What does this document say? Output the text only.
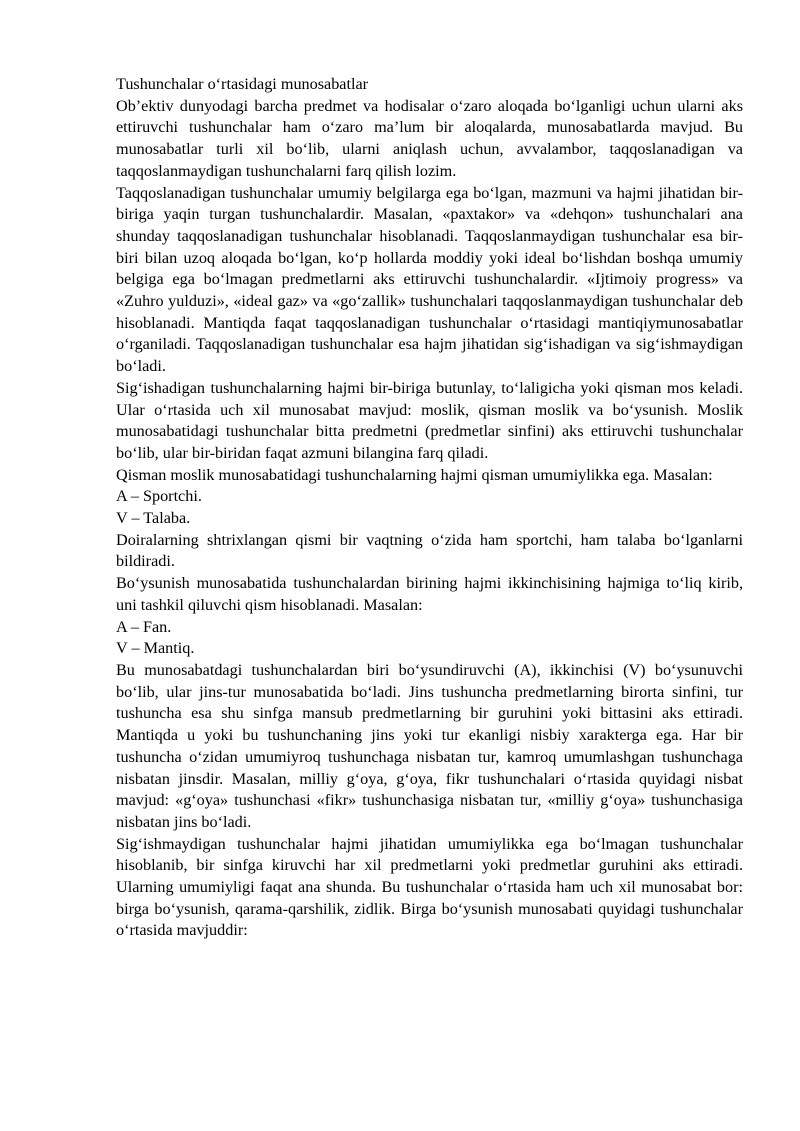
Tushunchalar o‘rtasidagi munosabatlar

Ob’ektiv dunyodagi barcha predmet va hodisalar o‘zaro aloqada bo‘lganligi uchun ularni aks ettiruvchi tushunchalar ham o‘zaro ma’lum bir aloqalarda, munosabatlarda mavjud. Bu munosabatlar turli xil bo‘lib, ularni aniqlash uchun, avvalambor, taqqoslanadigan va taqqoslanmaydigan tushunchalarni farq qilish lozim.

Taqqoslanadigan tushunchalar umumiy belgilarga ega bo‘lgan, mazmuni va hajmi jihatidan bir-biriga yaqin turgan tushunchalardir. Masalan, «paxtakor» va «dehqon» tushunchalari ana shunday taqqoslanadigan tushunchalar hisoblanadi. Taqqoslanmaydigan tushunchalar esa bir-biri bilan uzoq aloqada bo‘lgan, ko‘p hollarda moddiy yoki ideal bo‘lishdan boshqa umumiy belgiga ega bo‘lmagan predmetlarni aks ettiruvchi tushunchalardir. «Ijtimoiy progress» va «Zuhro yulduzi», «ideal gaz» va «go‘zallik» tushunchalari taqqoslanmaydigan tushunchalar deb hisoblanadi. Mantiqda faqat taqqoslanadigan tushunchalar o‘rtasidagi mantiqiymunosabatlar o‘rganiladi. Taqqoslanadigan tushunchalar esa hajm jihatidan sig‘ishadigan va sig‘ishmaydigan bo‘ladi.

Sig‘ishadigan tushunchalarning hajmi bir-biriga butunlay, to‘laligicha yoki qisman mos keladi. Ular o‘rtasida uch xil munosabat mavjud: moslik, qisman moslik va bo‘ysunish. Moslik munosabatidagi tushunchalar bitta predmetni (predmetlar sinfini) aks ettiruvchi tushunchalar bo‘lib, ular bir-biridan faqat azmuni bilangina farq qiladi.

Qisman moslik munosabatidagi tushunchalarning hajmi qisman umumiylikka ega. Masalan:

A – Sportchi.

V – Talaba.

Doiralarning shtrixlangan qismi bir vaqtning o‘zida ham sportchi, ham talaba bo‘lganlarni bildiradi.

Bo‘ysunish munosabatida tushunchalardan birining hajmi ikkinchisining hajmiga to‘liq kirib, uni tashkil qiluvchi qism hisoblanadi. Masalan:

A – Fan.

V – Mantiq.

Bu munosabatdagi tushunchalardan biri bo‘ysundiruvchi (A), ikkinchisi (V) bo‘ysunuvchi bo‘lib, ular jins-tur munosabatida bo‘ladi. Jins tushuncha predmetlarning birorta sinfini, tur tushuncha esa shu sinfga mansub predmetlarning bir guruhini yoki bittasini aks ettiradi. Mantiqda u yoki bu tushunchaning jins yoki tur ekanligi nisbiy xarakterga ega. Har bir tushuncha o‘zidan umumiyroq tushunchaga nisbatan tur, kamroq umumlashgan tushunchaga nisbatan jinsdir. Masalan, milliy g‘oya, g‘oya, fikr tushunchalari o‘rtasida quyidagi nisbat mavjud: «g‘oya» tushunchasi «fikr» tushunchasiga nisbatan tur, «milliy g‘oya» tushunchasiga nisbatan jins bo‘ladi.

Sig‘ishmaydigan tushunchalar hajmi jihatidan umumiylikka ega bo‘lmagan tushunchalar hisoblanib, bir sinfga kiruvchi har xil predmetlarni yoki predmetlar guruhini aks ettiradi. Ularning umumiyligi faqat ana shunda. Bu tushunchalar o‘rtasida ham uch xil munosabat bor: birga bo‘ysunish, qarama-qarshilik, zidlik. Birga bo‘ysunish munosabati quyidagi tushunchalar o‘rtasida mavjuddir:
